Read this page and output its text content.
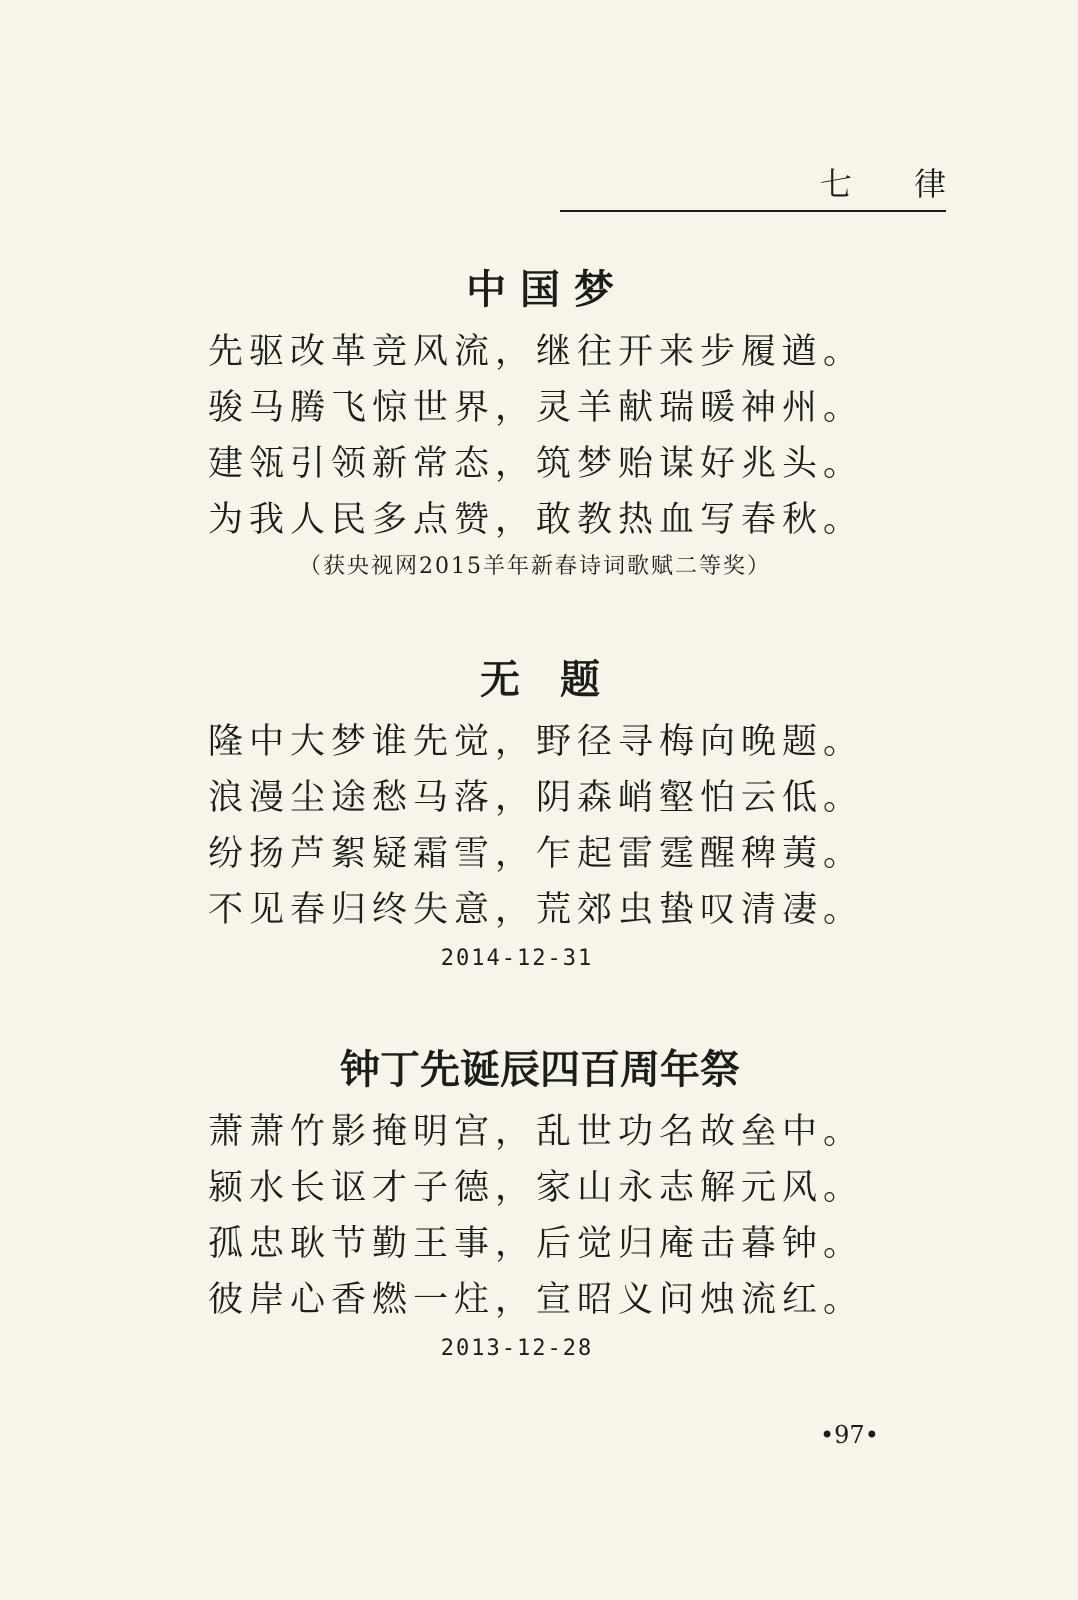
七 律
中 国 梦
先驱改革竞风流，继往开来步履遒。
骏马腾飞惊世界，灵羊献瑞暖神州。
建瓴引领新常态，筑梦贻谋好兆头。
为我人民多点赞，敢教热血写春秋。
（获央视网2015羊年新春诗词歌赋二等奖）
无　题
隆中大梦谁先觉，野径寻梅向晚题。
浪漫尘途愁马落，阴森峭壑怕云低。
纷扬芦絮疑霜雪，乍起雷霆醒稗荑。
不见春归终失意，荒郊虫蛰叹清凄。
2014-12-31
钟丁先诞辰四百周年祭
萧萧竹影掩明宫，乱世功名故垒中。
颍水长讴才子德，家山永志解元风。
孤忠耿节勤王事，后觉归庵击暮钟。
彼岸心香燃一炷，宣昭义问烛流红。
2013-12-28
•97•
